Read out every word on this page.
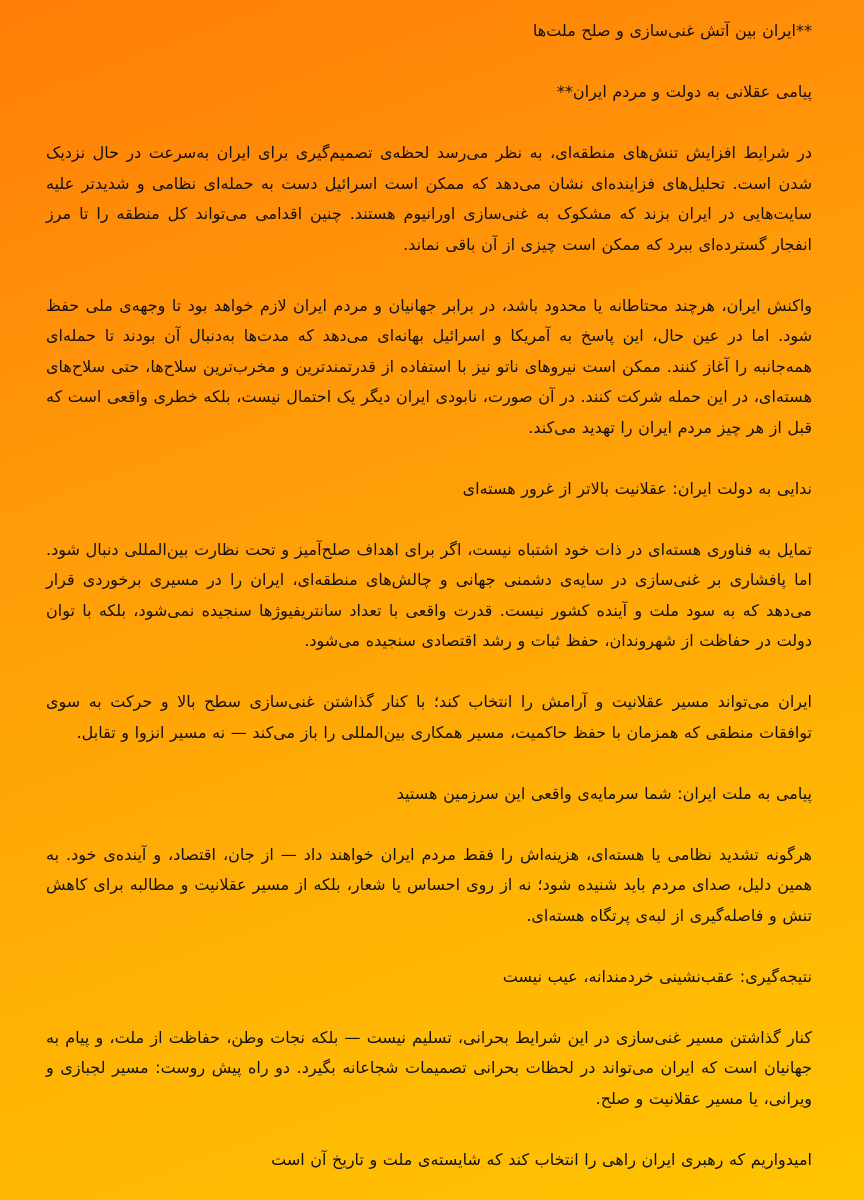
**ایران بین آتش غنی‌سازی و صلح ملت‌ها

پیامی عقلانی به دولت و مردم ایران**

در شرایط افزایش تنش‌های منطقه‌ای، به نظر می‌رسد لحظه‌ی تصمیم‌گیری برای ایران به‌سرعت در حال نزدیک شدن است. تحلیل‌های فزاینده‌ای نشان می‌دهد که ممکن است اسرائیل دست به حمله‌ای نظامی و شدیدتر علیه سایت‌هایی در ایران بزند که مشکوک به غنی‌سازی اورانیوم هستند. چنین اقدامی می‌تواند کل منطقه را تا مرز انفجار گسترده‌ای ببرد که ممکن است چیزی از آن باقی نماند.

واکنش ایران، هرچند محتاطانه یا محدود باشد، در برابر جهانیان و مردم ایران لازم خواهد بود تا وجهه‌ی ملی حفظ شود. اما در عین حال، این پاسخ به آمریکا و اسرائیل بهانه‌ای می‌دهد که مدت‌ها به‌دنبال آن بودند تا حمله‌ای همه‌جانبه را آغاز کنند. ممکن است نیروهای ناتو نیز با استفاده از قدرتمندترین و مخرب‌ترین سلاح‌ها، حتی سلاح‌های هسته‌ای، در این حمله شرکت کنند. در آن صورت، نابودی ایران دیگر یک احتمال نیست، بلکه خطری واقعی است که قبل از هر چیز مردم ایران را تهدید می‌کند.

ندایی به دولت ایران: عقلانیت بالاتر از غرور هسته‌ای

تمایل به فناوری هسته‌ای در ذات خود اشتباه نیست، اگر برای اهداف صلح‌آمیز و تحت نظارت بین‌المللی دنبال شود. اما پافشاری بر غنی‌سازی در سایه‌ی دشمنی جهانی و چالش‌های منطقه‌ای، ایران را در مسیری برخوردی قرار می‌دهد که به سود ملت و آینده کشور نیست. قدرت واقعی با تعداد سانتریفیوژها سنجیده نمی‌شود، بلکه با توان دولت در حفاظت از شهروندان، حفظ ثبات و رشد اقتصادی سنجیده می‌شود.

ایران می‌تواند مسیر عقلانیت و آرامش را انتخاب کند؛ با کنار گذاشتن غنی‌سازی سطح بالا و حرکت به سوی توافقات منطقی که همزمان با حفظ حاکمیت، مسیر همکاری بین‌المللی را باز می‌کند — نه مسیر انزوا و تقابل.

پیامی به ملت ایران: شما سرمایه‌ی واقعی این سرزمین هستید

هرگونه تشدید نظامی یا هسته‌ای، هزینه‌اش را فقط مردم ایران خواهند داد — از جان، اقتصاد، و آینده‌ی خود. به همین دلیل، صدای مردم باید شنیده شود؛ نه از روی احساس یا شعار، بلکه از مسیر عقلانیت و مطالبه برای کاهش تنش و فاصله‌گیری از لبه‌ی پرتگاه هسته‌ای.

نتیجه‌گیری: عقب‌نشینی خردمندانه، عیب نیست

کنار گذاشتن مسیر غنی‌سازی در این شرایط بحرانی، تسلیم نیست — بلکه نجات وطن، حفاظت از ملت، و پیام به جهانیان است که ایران می‌تواند در لحظات بحرانی تصمیمات شجاعانه بگیرد. دو راه پیش روست: مسیر لجبازی و ویرانی، یا مسیر عقلانیت و صلح.

امیدواریم که رهبری ایران راهی را انتخاب کند که شایسته‌ی ملت و تاریخ آن است
